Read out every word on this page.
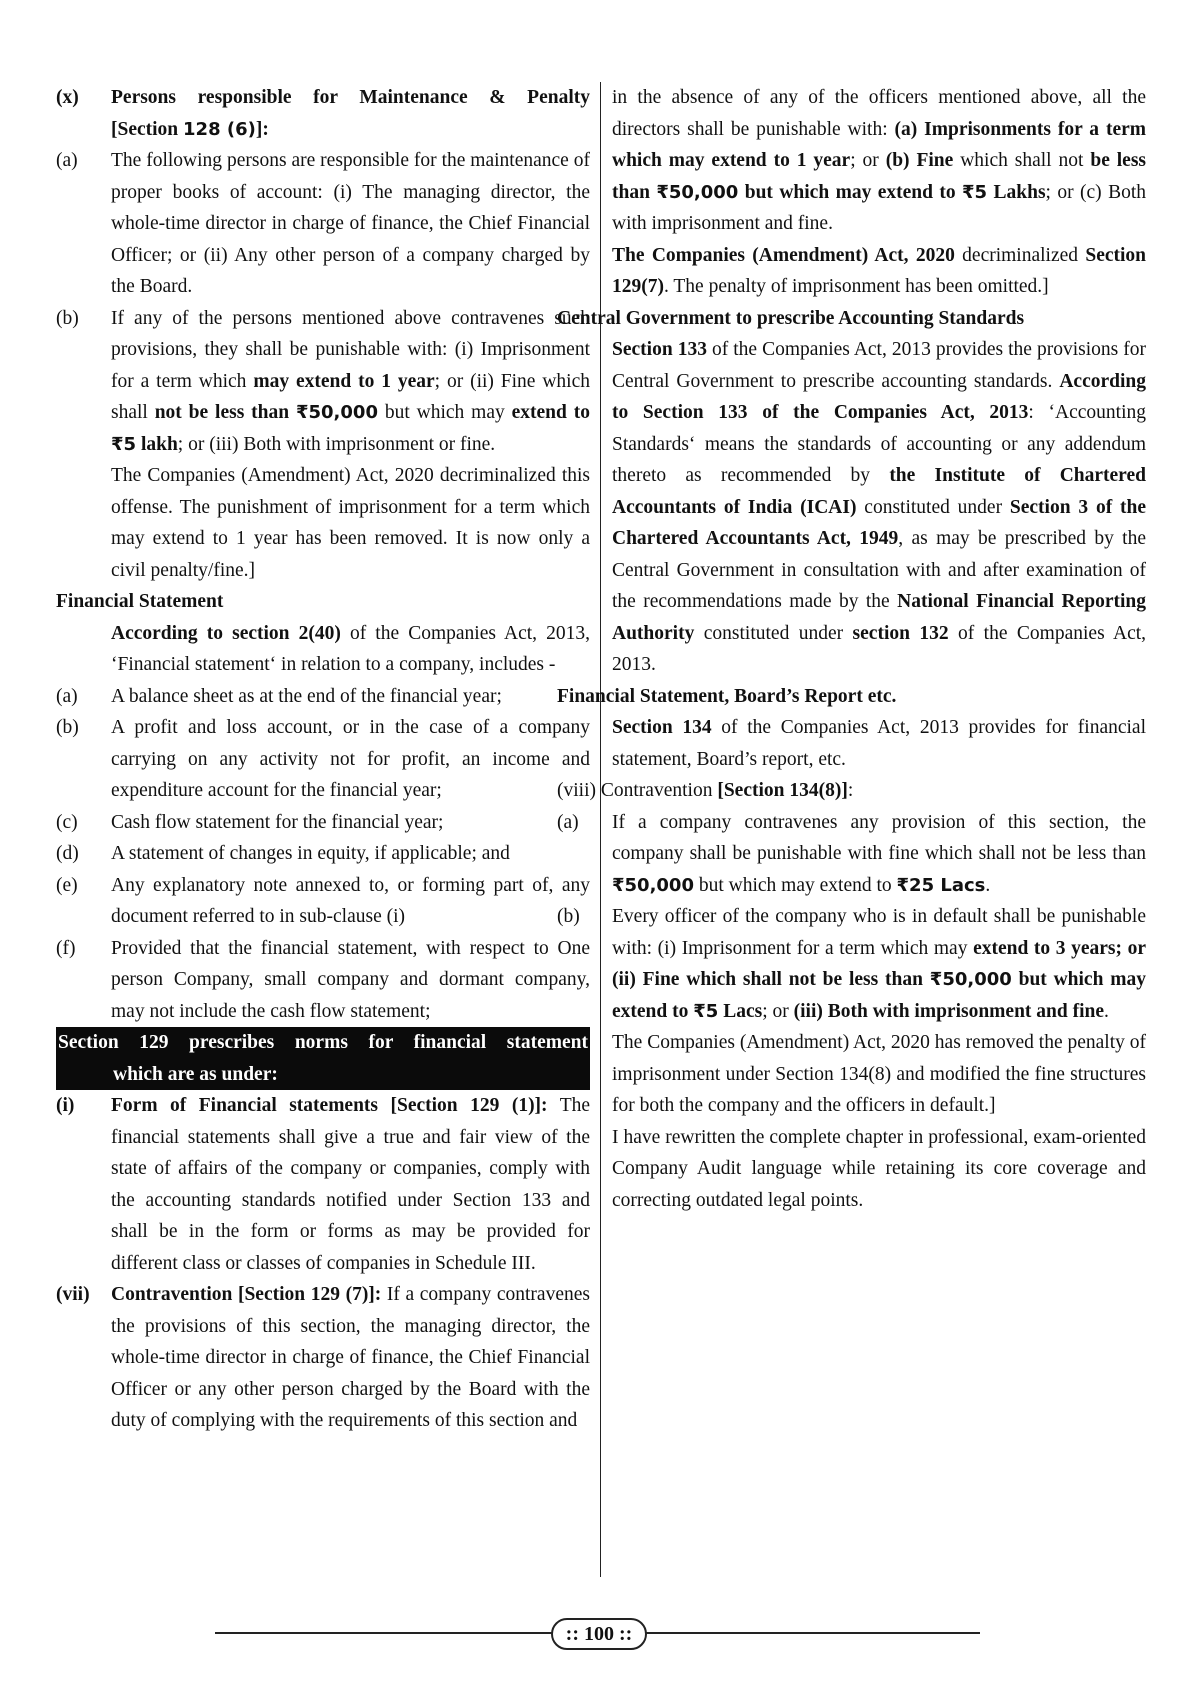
(x) Persons responsible for Maintenance & Penalty
[Section 128 (6)]:
(a) The following persons are responsible for the maintenance of proper books of account: (i) The managing director, the whole-time director in charge of finance, the Chief Financial Officer; or (ii) Any other person of a company charged by the Board.
(b) If any of the persons mentioned above contravenes such provisions, they shall be punishable with: (i) Imprisonment for a term which may extend to 1 year; or (ii) Fine which shall not be less than ₹50,000 but which may extend to ₹5 lakh; or (iii) Both with imprisonment or fine.
The Companies (Amendment) Act, 2020 decriminalized this offense. The punishment of imprisonment for a term which may extend to 1 year has been removed. It is now only a civil penalty/fine.]
Financial Statement
According to section 2(40) of the Companies Act, 2013, ‘Financial statement‘ in relation to a company, includes -
(a) A balance sheet as at the end of the financial year;
(b) A profit and loss account, or in the case of a company carrying on any activity not for profit, an income and expenditure account for the financial year;
(c) Cash flow statement for the financial year;
(d) A statement of changes in equity, if applicable; and
(e) Any explanatory note annexed to, or forming part of, any document referred to in sub-clause (i)
(f) Provided that the financial statement, with respect to One person Company, small company and dormant company, may not include the cash flow statement;
Section 129 prescribes norms for financial statement
which are as under:
(i) Form of Financial statements [Section 129 (1)]: The financial statements shall give a true and fair view of the state of affairs of the company or companies, comply with the accounting standards notified under Section 133 and shall be in the form or forms as may be provided for different class or classes of companies in Schedule III.
(vii) Contravention [Section 129 (7)]: If a company contravenes the provisions of this section, the managing director, the whole-time director in charge of finance, the Chief Financial Officer or any other person charged by the Board with the duty of complying with the requirements of this section and
in the absence of any of the officers mentioned above, all the directors shall be punishable with: (a) Imprisonments for a term which may extend to 1 year; or (b) Fine which shall not be less than ₹50,000 but which may extend to ₹5 Lakhs; or (c) Both with imprisonment and fine.
The Companies (Amendment) Act, 2020 decriminalized Section 129(7). The penalty of imprisonment has been omitted.]
Central Government to prescribe Accounting Standards
Section 133 of the Companies Act, 2013 provides the provisions for Central Government to prescribe accounting standards. According to Section 133 of the Companies Act, 2013: ‘Accounting Standards‘ means the standards of accounting or any addendum thereto as recommended by the Institute of Chartered Accountants of India (ICAI) constituted under Section 3 of the Chartered Accountants Act, 1949, as may be prescribed by the Central Government in consultation with and after examination of the recommendations made by the National Financial Reporting Authority constituted under section 132 of the Companies Act, 2013.
Financial Statement, Board’s Report etc.
Section 134 of the Companies Act, 2013 provides for financial statement, Board’s report, etc.
(viii) Contravention [Section 134(8)]:
(a) If a company contravenes any provision of this section, the company shall be punishable with fine which shall not be less than ₹50,000 but which may extend to ₹25 Lacs.
(b) Every officer of the company who is in default shall be punishable with: (i) Imprisonment for a term which may extend to 3 years; or (ii) Fine which shall not be less than ₹50,000 but which may extend to ₹5 Lacs; or (iii) Both with imprisonment and fine.
The Companies (Amendment) Act, 2020 has removed the penalty of imprisonment under Section 134(8) and modified the fine structures for both the company and the officers in default.]
I have rewritten the complete chapter in professional, exam-oriented Company Audit language while retaining its core coverage and correcting outdated legal points.
:: 100 ::
